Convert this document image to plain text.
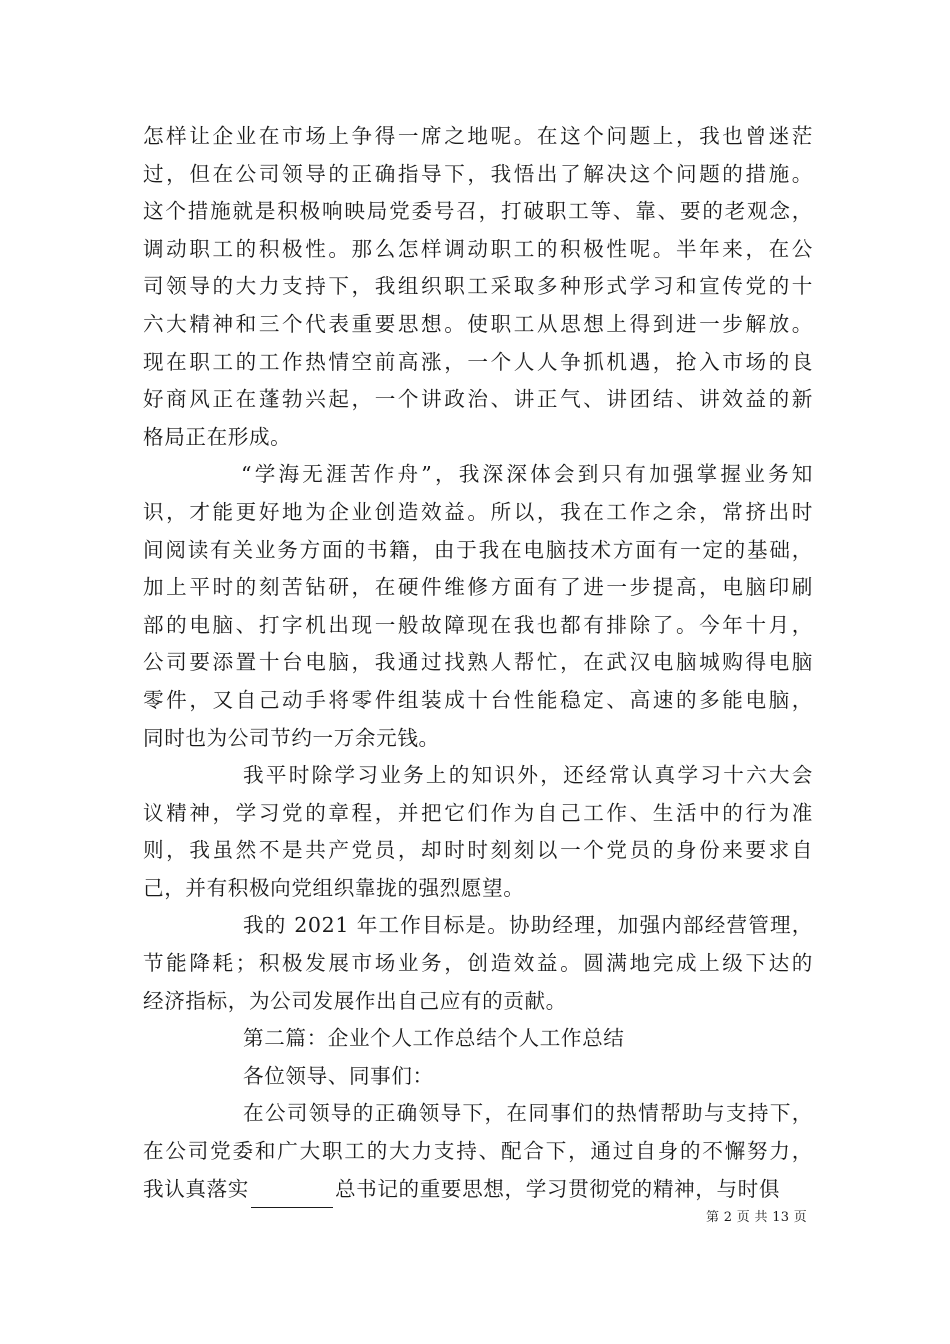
怎样让企业在市场上争得一席之地呢。在这个问题上，我也曾迷茫
过，但在公司领导的正确指导下，我悟出了解决这个问题的措施。
这个措施就是积极响映局党委号召，打破职工等、靠、要的老观念，
调动职工的积极性。那么怎样调动职工的积极性呢。半年来，在公
司领导的大力支持下，我组织职工采取多种形式学习和宣传党的十
六大精神和三个代表重要思想。使职工从思想上得到进一步解放。
现在职工的工作热情空前高涨，一个人人争抓机遇，抢入市场的良
好商风正在蓬勃兴起，一个讲政治、讲正气、讲团结、讲效益的新
格局正在形成。
“学海无涯苦作舟”，我深深体会到只有加强掌握业务知
识，才能更好地为企业创造效益。所以，我在工作之余，常挤出时
间阅读有关业务方面的书籍，由于我在电脑技术方面有一定的基础，
加上平时的刻苦钻研，在硬件维修方面有了进一步提高，电脑印刷
部的电脑、打字机出现一般故障现在我也都有排除了。今年十月，
公司要添置十台电脑，我通过找熟人帮忙，在武汉电脑城购得电脑
零件，又自己动手将零件组装成十台性能稳定、高速的多能电脑，
同时也为公司节约一万余元钱。
我平时除学习业务上的知识外，还经常认真学习十六大会
议精神，学习党的章程，并把它们作为自己工作、生活中的行为准
则，我虽然不是共产党员，却时时刻刻以一个党员的身份来要求自
己，并有积极向党组织靠拢的强烈愿望。
我的 2021 年工作目标是。协助经理，加强内部经营管理，
节能降耗；积极发展市场业务，创造效益。圆满地完成上级下达的
经济指标，为公司发展作出自己应有的贡献。
第二篇：企业个人工作总结个人工作总结
各位领导、同事们：
在公司领导的正确领导下，在同事们的热情帮助与支持下，
在公司党委和广大职工的大力支持、配合下，通过自身的不懈努力，
我认真落实	总书记的重要思想，学习贯彻党的精神，与时俱
第 2 页 共 13 页
